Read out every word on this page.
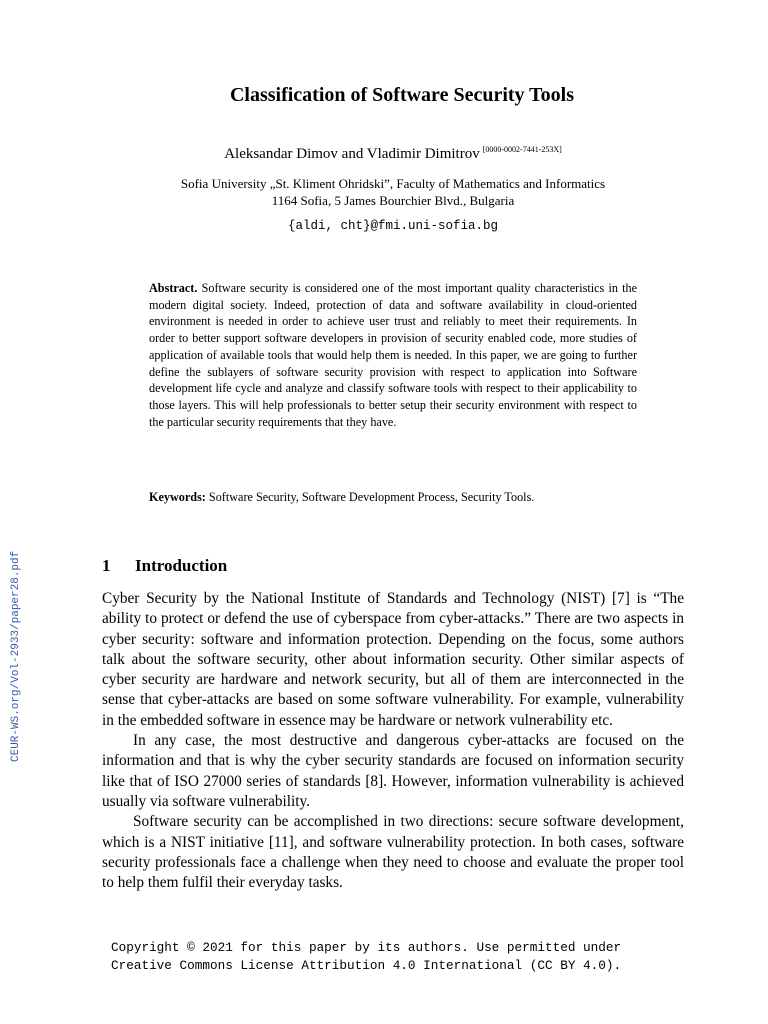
Classification of Software Security Tools
Aleksandar Dimov and Vladimir Dimitrov [0000-0002-7441-253X]
Sofia University „St. Kliment Ohridski”, Faculty of Mathematics and Informatics
1164 Sofia, 5 James Bourchier Blvd., Bulgaria
{aldi, cht}@fmi.uni-sofia.bg
Abstract. Software security is considered one of the most important quality characteristics in the modern digital society. Indeed, protection of data and software availability in cloud-oriented environment is needed in order to achieve user trust and reliably to meet their requirements. In order to better support software developers in provision of security enabled code, more studies of application of available tools that would help them is needed. In this paper, we are going to further define the sublayers of software security provision with respect to application into Software development life cycle and analyze and classify software tools with respect to their applicability to those layers. This will help professionals to better setup their security environment with respect to the particular security requirements that they have.
Keywords: Software Security, Software Development Process, Security Tools.
CEUR-WS.org/Vol-2933/paper28.pdf	1 Introduction

Cyber Security by the National Institute of Standards and Technology (NIST) [7] is “The ability to protect or defend the use of cyberspace from cyber-attacks.” There are two aspects in cyber security: software and information protection. Depending on the focus, some authors talk about the software security, other about information security. Other similar aspects of cyber security are hardware and network security, but all of them are interconnected in the sense that cyber-attacks are based on some software vulnerability. For example, vulnerability in the embedded software in essence may be hardware or network vulnerability etc.

In any case, the most destructive and dangerous cyber-attacks are focused on the information and that is why the cyber security standards are focused on information security like that of ISO 27000 series of standards [8]. However, information vulnerability is achieved usually via software vulnerability.

Software security can be accomplished in two directions: secure software development, which is a NIST initiative [11], and software vulnerability protection. In both cases, software security professionals face a challenge when they need to choose and evaluate the proper tool to help them fulfil their everyday tasks.

Copyright © 2021 for this paper by its authors. Use permitted under
Creative Commons License Attribution 4.0 International (CC BY 4.0).
